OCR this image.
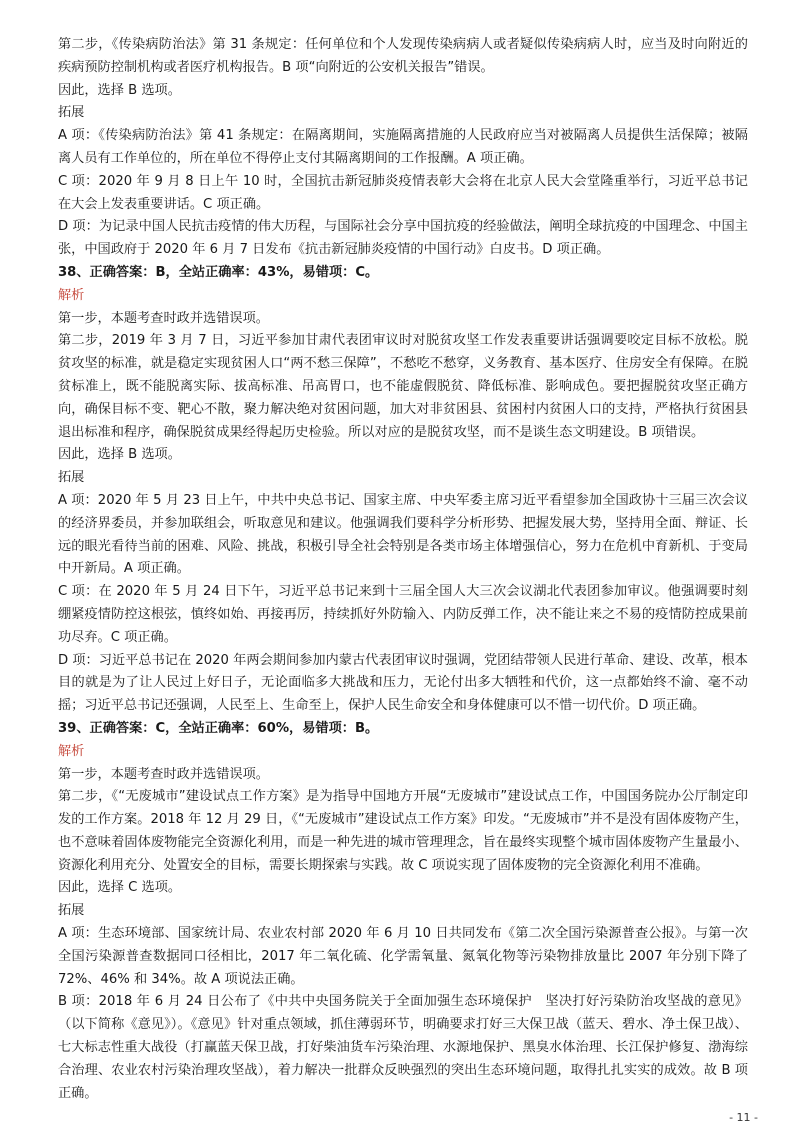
第二步，《传染病防治法》第 31 条规定：任何单位和个人发现传染病病人或者疑似传染病病人时，应当及时向附近的疾病预防控制机构或者医疗机构报告。B 项“向附近的公安机关报告”错误。

因此，选择 B 选项。

拓展

A 项：《传染病防治法》第 41 条规定：在隔离期间，实施隔离措施的人民政府应当对被隔离人员提供生活保障；被隔离人员有工作单位的，所在单位不得停止支付其隔离期间的工作报酬。A 项正确。

C 项：2020 年 9 月 8 日上午 10 时，全国抗击新冠肺炎疫情表彰大会将在北京人民大会堂隆重举行，习近平总书记在大会上发表重要讲话。C 项正确。

D 项：为记录中国人民抗击疫情的伟大历程，与国际社会分享中国抗疫的经验做法，阐明全球抗疫的中国理念、中国主张，中国政府于 2020 年 6 月 7 日发布《抗击新冠肺炎疫情的中国行动》白皮书。D 项正确。

38、正确答案：B，全站正确率：43%，易错项：C。

解析

第一步，本题考查时政并选错误项。

第二步，2019 年 3 月 7 日，习近平参加甘肃代表团审议时对脱贫攻坚工作发表重要讲话强调要咬定目标不放松。脱贫攻坚的标准，就是稳定实现贫困人口“两不愁三保障”，不愁吃不愁穿，义务教育、基本医疗、住房安全有保障。在脱贫标准上，既不能脱离实际、拔高标准、吊高胃口，也不能虚假脱贫、降低标准、影响成色。要把握脱贫攻坚正确方向，确保目标不变、靶心不散，聚力解决绝对贫困问题，加大对非贫困县、贫困村内贫困人口的支持，严格执行贫困县退出标准和程序，确保脱贫成果经得起历史检验。所以对应的是脱贫攻坚，而不是谈生态文明建设。B 项错误。

因此，选择 B 选项。

拓展

A 项：2020 年 5 月 23 日上午，中共中央总书记、国家主席、中央军委主席习近平看望参加全国政协十三届三次会议的经济界委员，并参加联组会，听取意见和建议。他强调我们要科学分析形势、把握发展大势，坚持用全面、辩证、长远的眼光看待当前的困难、风险、挑战，积极引导全社会特别是各类市场主体增强信心，努力在危机中育新机、于变局中开新局。A 项正确。

C 项：在 2020 年 5 月 24 日下午，习近平总书记来到十三届全国人大三次会议湖北代表团参加审议。他强调要时刻绷紧疫情防控这根弦，慎终如始、再接再厉，持续抓好外防输入、内防反弹工作，决不能让来之不易的疫情防控成果前功尽弃。C 项正确。

D 项：习近平总书记在 2020 年两会期间参加内蒙古代表团审议时强调，党团结带领人民进行革命、建设、改革，根本目的就是为了让人民过上好日子，无论面临多大挑战和压力，无论付出多大牺牲和代价，这一点都始终不渝、毫不动摇；习近平总书记还强调，人民至上、生命至上，保护人民生命安全和身体健康可以不惜一切代价。D 项正确。

39、正确答案：C，全站正确率：60%，易错项：B。

解析

第一步，本题考查时政并选错误项。

第二步，《“无废城市”建设试点工作方案》是为指导中国地方开展“无废城市”建设试点工作，中国国务院办公厅制定印发的工作方案。2018 年 12 月 29 日，《“无废城市”建设试点工作方案》印发。“无废城市”并不是没有固体废物产生，也不意味着固体废物能完全资源化利用，而是一种先进的城市管理理念，旨在最终实现整个城市固体废物产生量最小、资源化利用充分、处置安全的目标，需要长期探索与实践。故 C 项说实现了固体废物的完全资源化利用不准确。

因此，选择 C 选项。

拓展

A 项：生态环境部、国家统计局、农业农村部 2020 年 6 月 10 日共同发布《第二次全国污染源普查公报》。与第一次全国污染源普查数据同口径相比，2017 年二氧化硫、化学需氧量、氮氧化物等污染物排放量比 2007 年分别下降了 72%、46% 和 34%。故 A 项说法正确。

B 项：2018 年 6 月 24 日公布了《中共中央国务院关于全面加强生态环境保护　坚决打好污染防治攻坚战的意见》（以下简称《意见》）。《意见》针对重点领域，抓住薄弱环节，明确要求打好三大保卫战（蓝天、碧水、净土保卫战）、七大标志性重大战役（打赢蓝天保卫战，打好柴油货车污染治理、水源地保护、黑臭水体治理、长江保护修复、渤海综合治理、农业农村污染治理攻坚战），着力解决一批群众反映强烈的突出生态环境问题，取得扎扎实实的成效。故 B 项正确。

- 11 -
